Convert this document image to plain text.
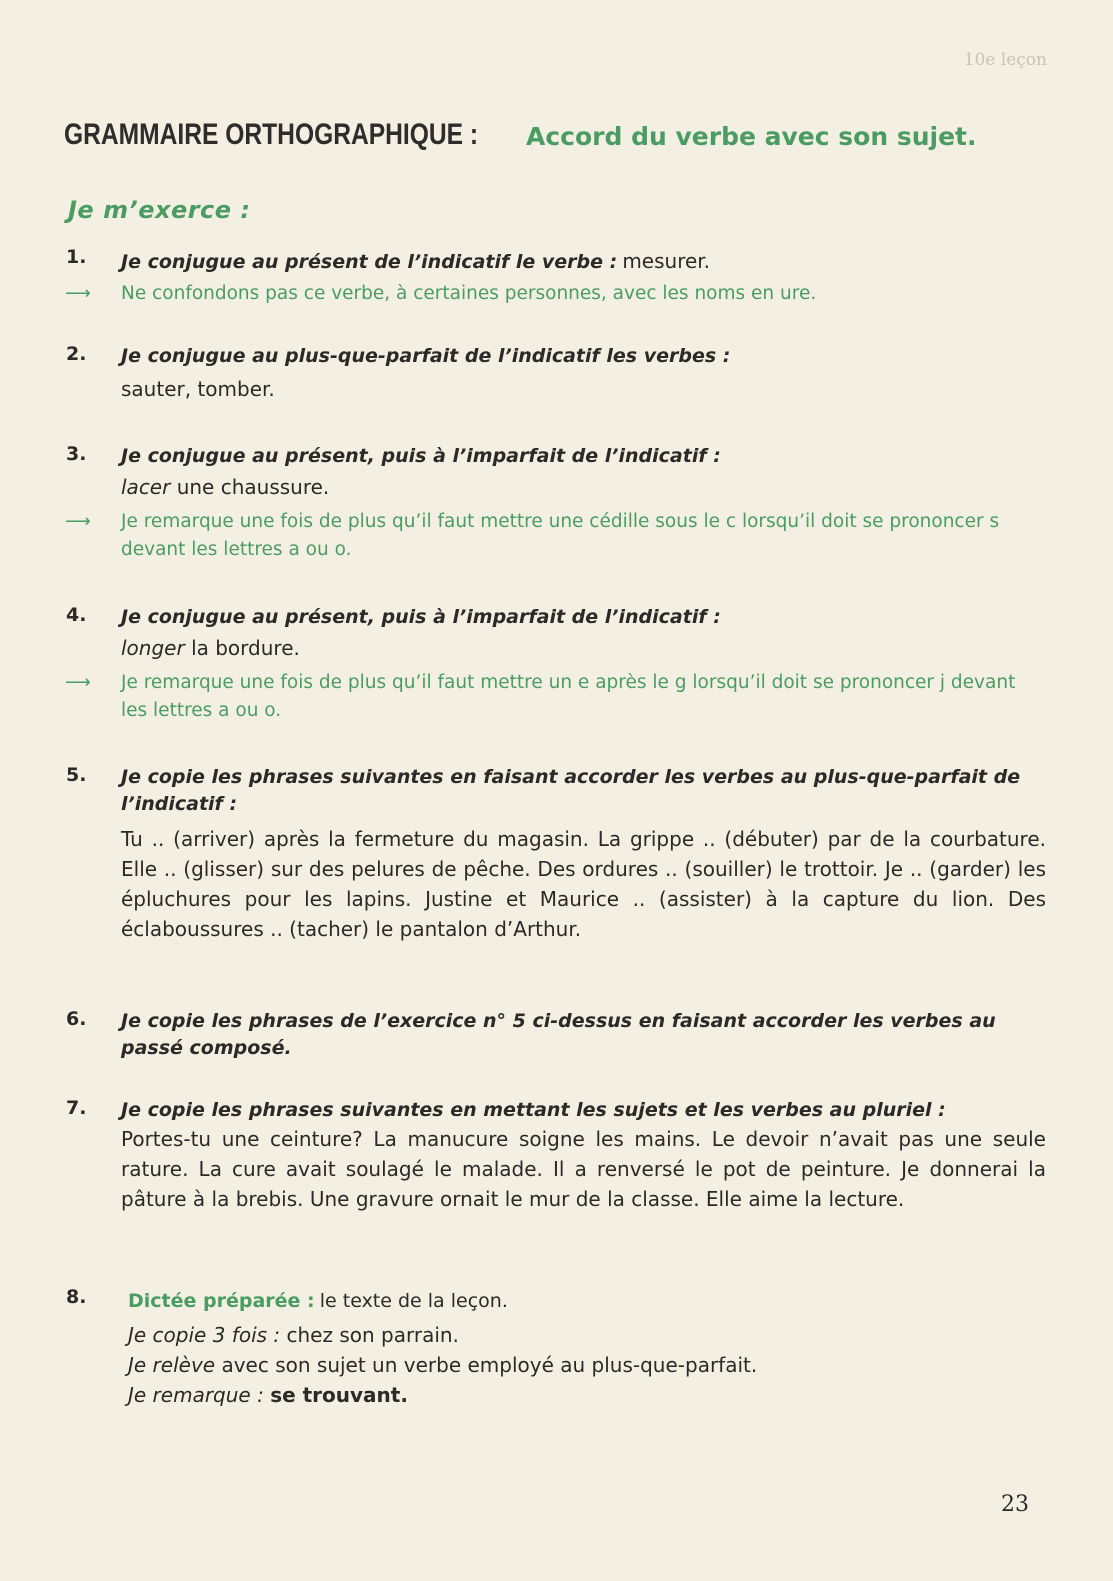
10e leçon
GRAMMAIRE ORTHOGRAPHIQUE : Accord du verbe avec son sujet.
Je m’exerce :
1. Je conjugue au présent de l’indicatif le verbe : mesurer.
⟶ Ne confondons pas ce verbe, à certaines personnes, avec les noms en ure.
2. Je conjugue au plus-que-parfait de l’indicatif les verbes :
sauter, tomber.
3. Je conjugue au présent, puis à l’imparfait de l’indicatif :
lacer une chaussure.
⟶ Je remarque une fois de plus qu’il faut mettre une cédille sous le c lorsqu’il doit se prononcer s devant les lettres a ou o.
4. Je conjugue au présent, puis à l’imparfait de l’indicatif :
longer la bordure.
⟶ Je remarque une fois de plus qu’il faut mettre un e après le g lorsqu’il doit se prononcer j devant les lettres a ou o.
5. Je copie les phrases suivantes en faisant accorder les verbes au plus-que-parfait de l’indicatif :
Tu .. (arriver) après la fermeture du magasin. La grippe .. (débuter) par de la courbature. Elle .. (glisser) sur des pelures de pêche. Des ordures .. (souiller) le trottoir. Je .. (garder) les épluchures pour les lapins. Justine et Maurice .. (assister) à la capture du lion. Des éclaboussures .. (tacher) le pantalon d’Arthur.
6. Je copie les phrases de l’exercice n° 5 ci-dessus en faisant accorder les verbes au passé composé.
7. Je copie les phrases suivantes en mettant les sujets et les verbes au pluriel :
Portes-tu une ceinture? La manucure soigne les mains. Le devoir n’avait pas une seule rature. La cure avait soulagé le malade. Il a renversé le pot de peinture. Je donnerai la pâture à la brebis. Une gravure ornait le mur de la classe. Elle aime la lecture.
8. Dictée préparée : le texte de la leçon.
Je copie 3 fois : chez son parrain.
Je relève avec son sujet un verbe employé au plus-que-parfait.
Je remarque : se trouvant.
23
